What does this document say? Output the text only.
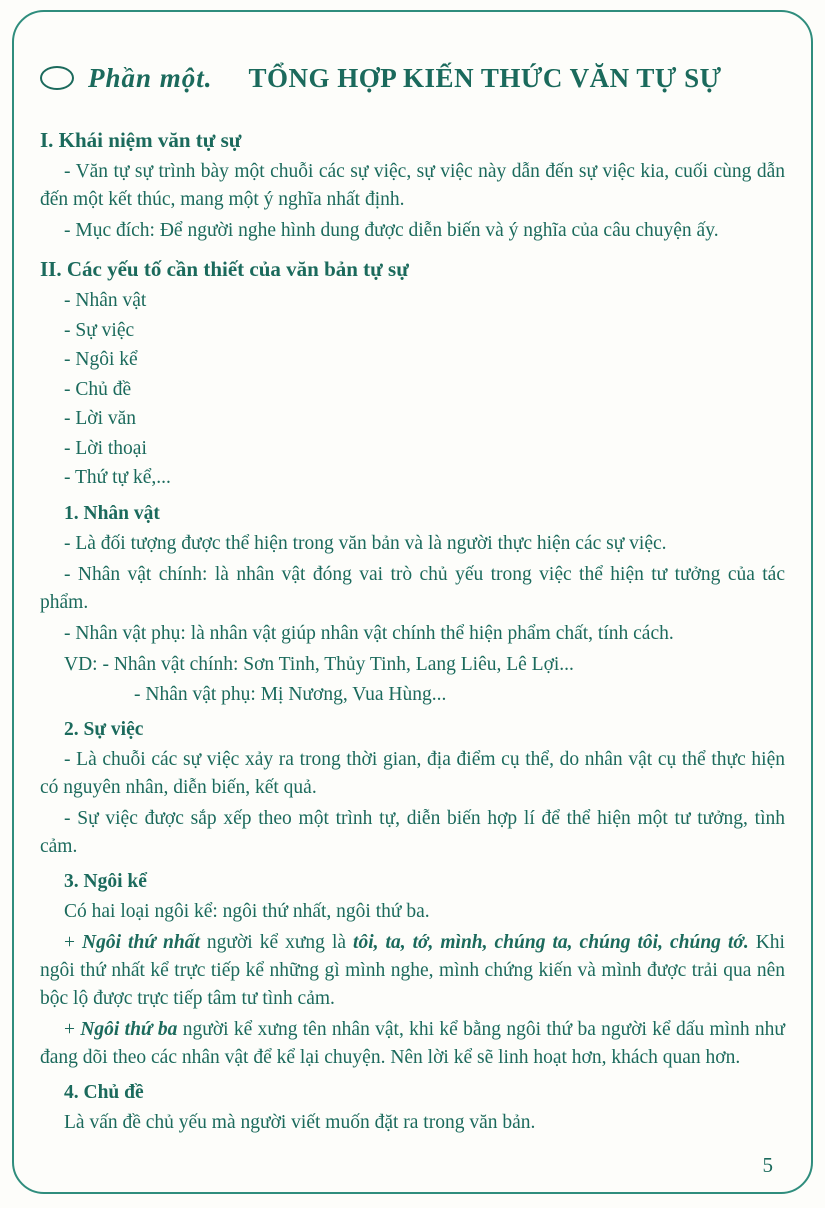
Phần một.	TỔNG HỢP KIẾN THỨC VĂN TỰ SỰ
I. Khái niệm văn tự sự

- Văn tự sự trình bày một chuỗi các sự việc, sự việc này dẫn đến sự việc kia, cuối cùng dẫn đến một kết thúc, mang một ý nghĩa nhất định.

- Mục đích: Để người nghe hình dung được diễn biến và ý nghĩa của câu chuyện ấy.

II. Các yếu tố cần thiết của văn bản tự sự
- Nhân vật
- Sự việc
- Ngôi kể
- Chủ đề
- Lời văn
- Lời thoại
- Thứ tự kể,...
1. Nhân vật

- Là đối tượng được thể hiện trong văn bản và là người thực hiện các sự việc.

- Nhân vật chính: là nhân vật đóng vai trò chủ yếu trong việc thể hiện tư tưởng của tác phẩm.

- Nhân vật phụ: là nhân vật giúp nhân vật chính thể hiện phẩm chất, tính cách.

VD: - Nhân vật chính: Sơn Tinh, Thủy Tinh, Lang Liêu, Lê Lợi...
- Nhân vật phụ: Mị Nương, Vua Hùng...
2. Sự việc

- Là chuỗi các sự việc xảy ra trong thời gian, địa điểm cụ thể, do nhân vật cụ thể thực hiện có nguyên nhân, diễn biến, kết quả.

- Sự việc được sắp xếp theo một trình tự, diễn biến hợp lí để thể hiện một tư tưởng, tình cảm.

3. Ngôi kể

Có hai loại ngôi kể: ngôi thứ nhất, ngôi thứ ba.

+ Ngôi thứ nhất người kể xưng là tôi, ta, tớ, mình, chúng ta, chúng tôi, chúng tớ. Khi ngôi thứ nhất kể trực tiếp kể những gì mình nghe, mình chứng kiến và mình được trải qua nên bộc lộ được trực tiếp tâm tư tình cảm.

+ Ngôi thứ ba người kể xưng tên nhân vật, khi kể bằng ngôi thứ ba người kể dấu mình như đang dõi theo các nhân vật để kể lại chuyện. Nên lời kể sẽ linh hoạt hơn, khách quan hơn.

4. Chủ đề

Là vấn đề chủ yếu mà người viết muốn đặt ra trong văn bản.

5
